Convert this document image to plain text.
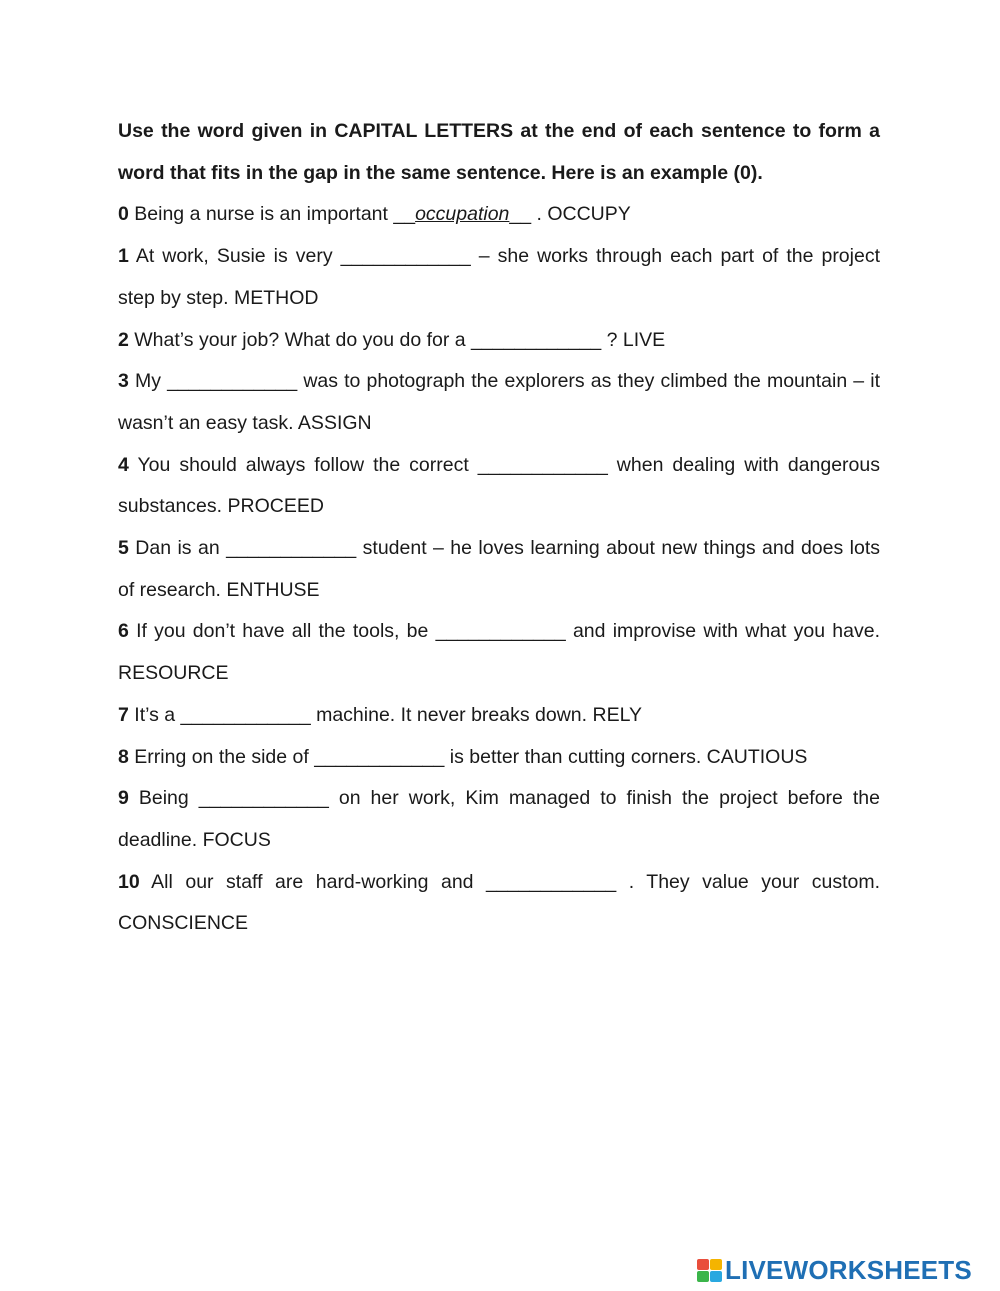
Use the word given in CAPITAL LETTERS at the end of each sentence to form a word that fits in the gap in the same sentence. Here is an example (0).

0 Being a nurse is an important __occupation__ . OCCUPY

1 At work, Susie is very ____________ – she works through each part of the project step by step. METHOD

2 What’s your job? What do you do for a ____________ ? LIVE

3 My ____________ was to photograph the explorers as they climbed the mountain – it wasn’t an easy task. ASSIGN

4 You should always follow the correct ____________ when dealing with dangerous substances. PROCEED

5 Dan is an ____________ student – he loves learning about new things and does lots of research. ENTHUSE

6 If you don’t have all the tools, be ____________ and improvise with what you have. RESOURCE

7 It’s a ____________ machine. It never breaks down. RELY

8 Erring on the side of ____________ is better than cutting corners. CAUTIOUS

9 Being ____________ on her work, Kim managed to finish the project before the deadline. FOCUS

10 All our staff are hard-working and ____________ . They value your custom. CONSCIENCE

LIVEWORKSHEETS
